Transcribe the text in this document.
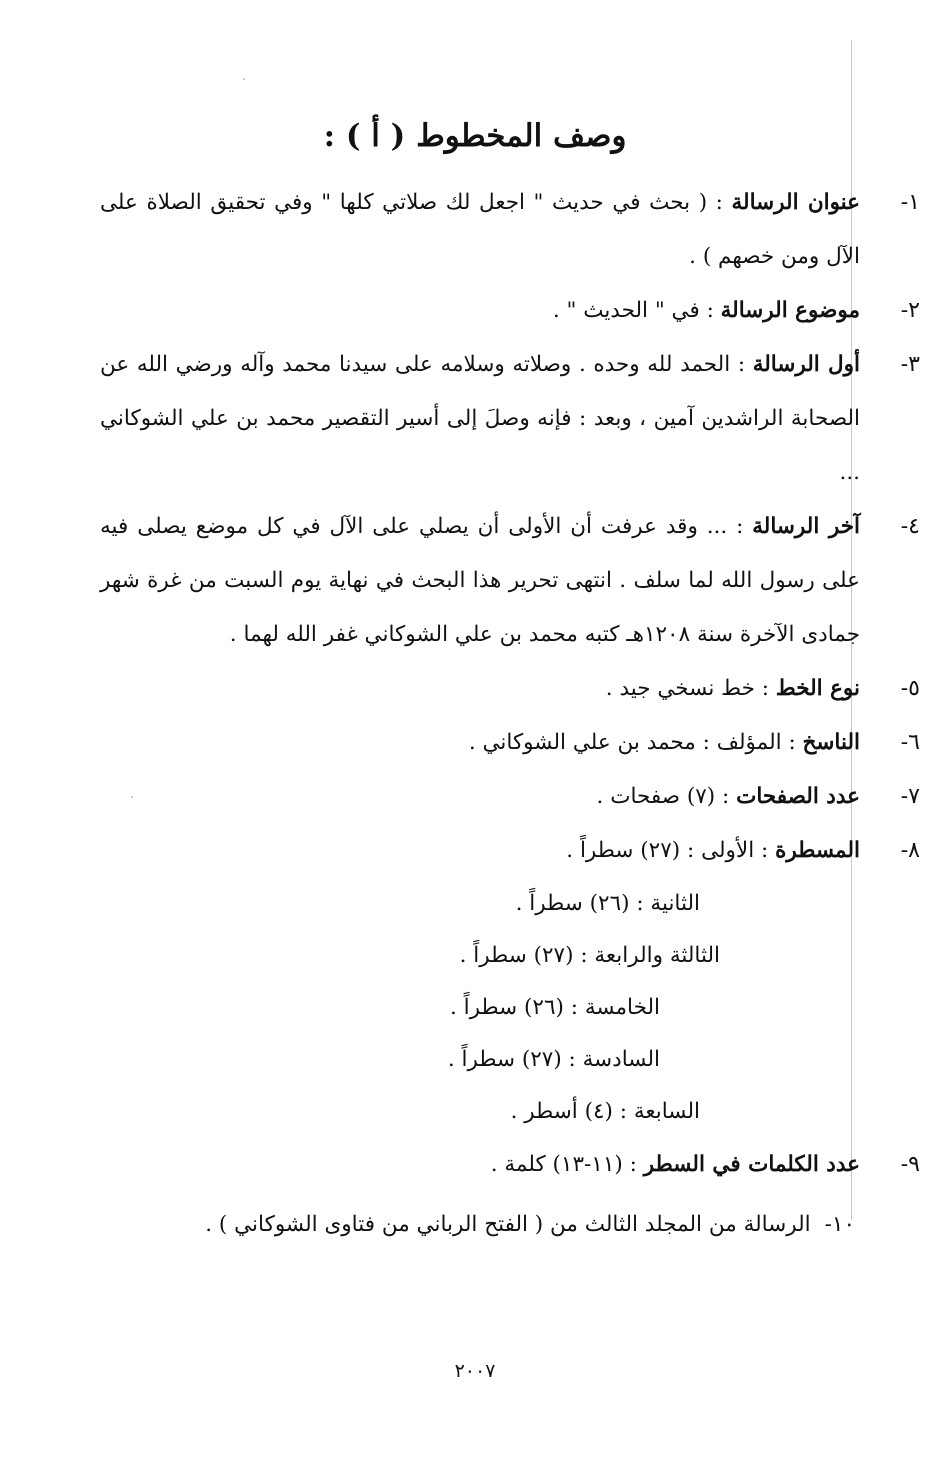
وصف المخطوط ( أ ) :
١-
عنوان الرسالة : ( بحث في حديث " اجعل لك صلاتي كلها " وفي تحقيق الصلاة على الآل ومن خصهم ) .
٢-
موضوع الرسالة : في " الحديث " .
٣-
أول الرسالة : الحمد لله وحده . وصلاته وسلامه على سيدنا محمد وآله ورضي الله عن الصحابة الراشدين آمين ، وبعد : فإنه وصلَ إلى أسير التقصير محمد بن علي الشوكاني ...
٤-
آخر الرسالة : ... وقد عرفت أن الأولى أن يصلي على الآل في كل موضع يصلى فيه على رسول الله لما سلف . انتهى تحرير هذا البحث في نهاية يوم السبت من غرة شهر جمادى الآخرة سنة ١٢٠٨هـ كتبه محمد بن علي الشوكاني غفر الله لهما .
٥-
نوع الخط : خط نسخي جيد .
٦-
الناسخ : المؤلف : محمد بن علي الشوكاني .
٧-
عدد الصفحات : (٧) صفحات .
٨-
المسطرة : الأولى : (٢٧) سطراً .
الثانية : (٢٦) سطراً .
الثالثة والرابعة : (٢٧) سطراً .
الخامسة : (٢٦) سطراً .
السادسة : (٢٧) سطراً .
السابعة : (٤) أسطر .
٩-
عدد الكلمات في السطر : (١١-١٣) كلمة .
١٠-الرسالة من المجلد الثالث من ( الفتح الرباني من فتاوى الشوكاني ) .
٢٠٠٧
